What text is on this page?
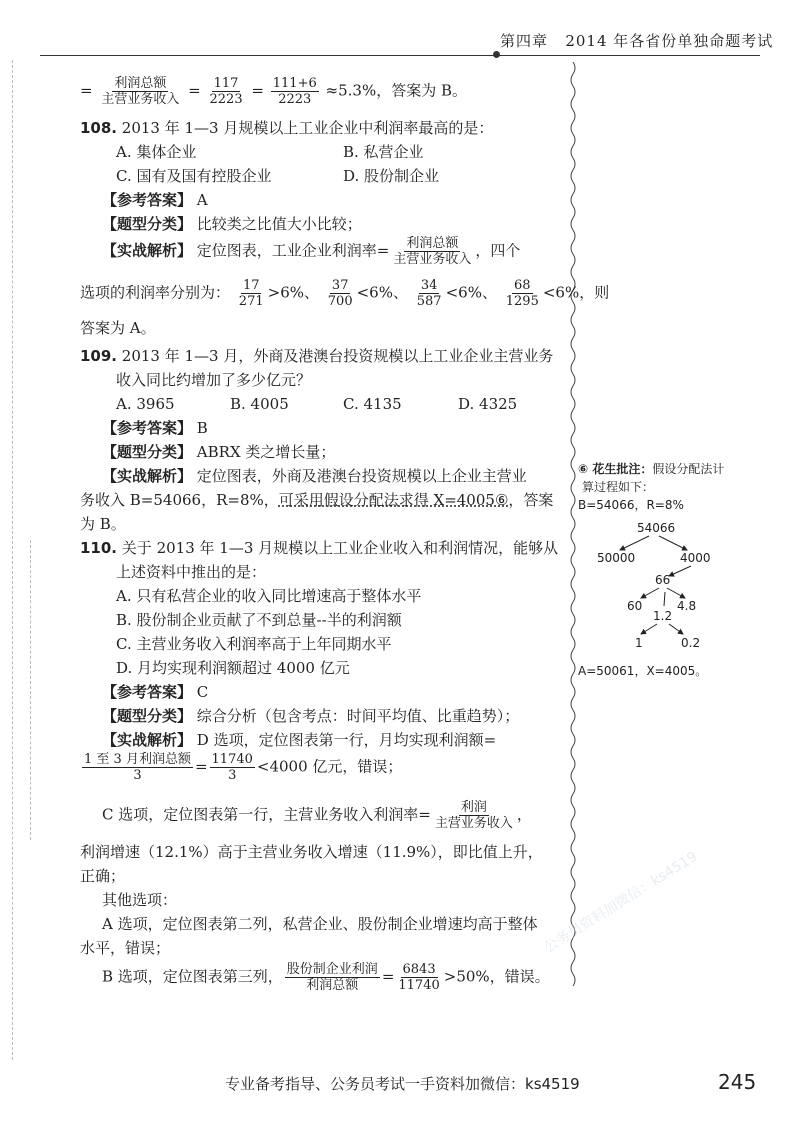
第四章 2014 年各省份单独命题考试
= $\frac{\text{利润总额}}{\text{主营业务收入}} = \frac{117}{2223} = \frac{111+6}{2223} \approx 5.3\%$，答案为 B。
108. 2013 年 1—3 月规模以上工业企业中利润率最高的是：
A. 集体企业	B. 私营企业
C. 国有及国有控股企业	D. 股份制企业
【参考答案】 A
【题型分类】 比较类之比值大小比较；
【实战解析】 定位图表，工业企业利润率= $\frac{\text{利润总额}}{\text{主营业务收入}}$ ，四个
选项的利润率分别为： $\frac{17}{271} >6\%$、 $\frac{37}{700} <6\%$、 $\frac{34}{587} <6\%$、 $\frac{68}{1295} <6\%$，则
答案为 A。
109. 2013 年 1—3 月，外商及港澳台投资规模以上工业企业主营业务
收入同比约增加了多少亿元？
A. 3965	B. 4005	C. 4135	D. 4325
【参考答案】 B
【题型分类】 ABRX 类之增长量；
【实战解析】 定位图表，外商及港澳台投资规模以上企业主营业
务收入 B=54066，R=8%，可采用假设分配法求得 X=4005⑥，答案
为 B。
110. 关于 2013 年 1—3 月规模以上工业企业收入和利润情况，能够从
上述资料中推出的是：
A. 只有私营企业的收入同比增速高于整体水平
B. 股份制企业贡献了不到总量--半的利润额
C. 主营业务收入利润率高于上年同期水平
D. 月均实现利润额超过 4000 亿元
【参考答案】 C
【题型分类】 综合分析（包含考点：时间平均值、比重趋势）；
【实战解析】 D 选项，定位图表第一行，月均实现利润额=
$\frac{\text{1 至 3 月利润总额}}{3} = \frac{11740}{3} <4000$ 亿元，错误；
C 选项，定位图表第一行，主营业务收入利润率= $\frac{\text{利润}}{\text{主营业务收入}}$ ，
利润增速（12.1%）高于主营业务收入增速（11.9%），即比值上升，
正确；
其他选项：
A 选项，定位图表第二列，私营企业、股份制企业增速均高于整体
水平，错误；
B 选项，定位图表第三列， $\frac{\text{股份制企业利润}}{\text{利润总额}} = \frac{6843}{11740} >50\%$，错误。
⑥ 花生批注：假设分配法计
算过程如下：
B=54066，R=8%
54066
50000	4000
66
60	4.8
1.2
1	0.2
A=50061，X=4005。
公务员资料加微信：ks4519
专业备考指导、公务员考试一手资料加微信：ks4519	245
